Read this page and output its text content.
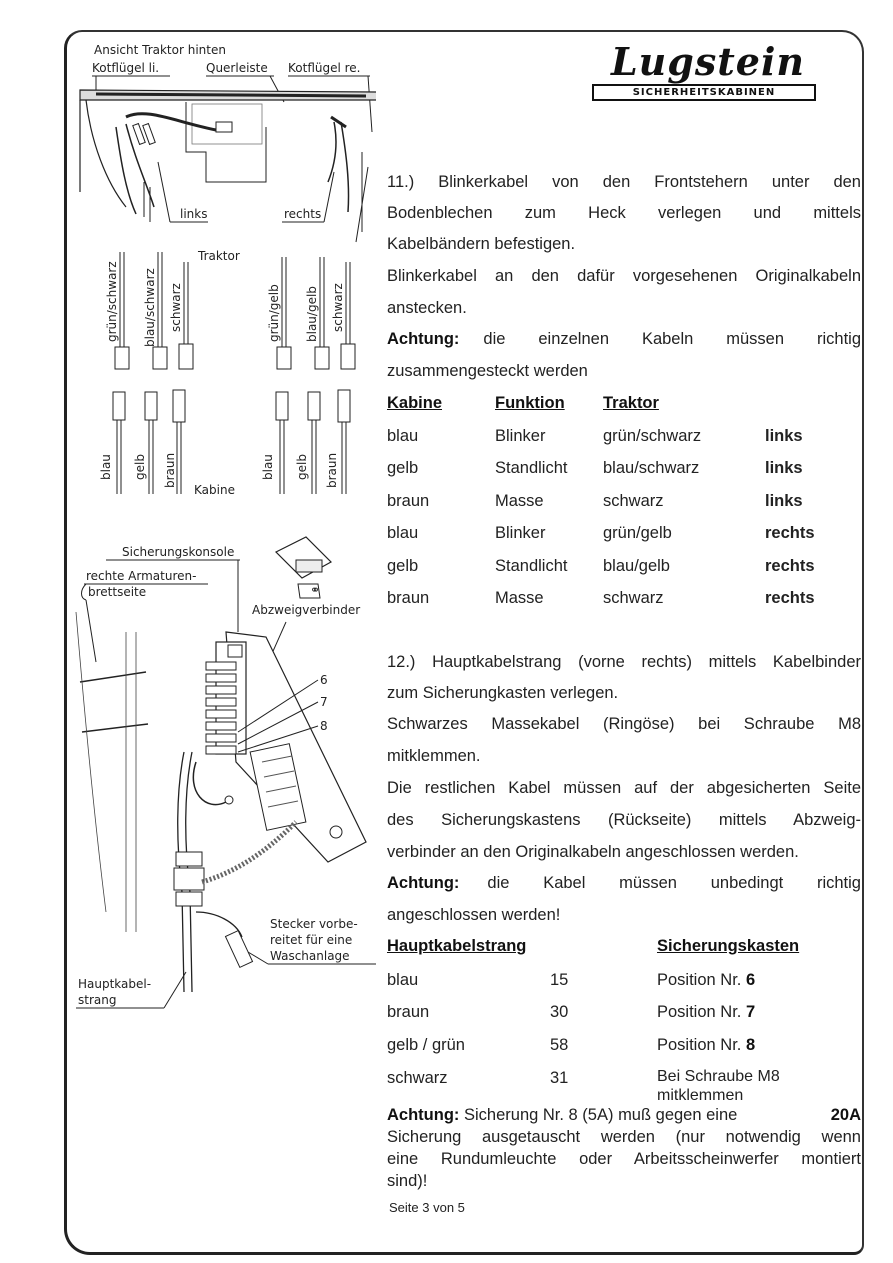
Ansicht Traktor hinten
Kotflügel li.	Querleiste Kotflügel re.
links	rechts
Traktor
grün/schwarz blau/schwarz schwarz	grün/gelb blau/gelb schwarz
blau gelb braun	blau gelb braun
Kabine
Sicherungskonsole
rechte Armaturen-
brettseite	⚭
Abzweigverbinder
6
7
8
Stecker vorbe-
reitet für eine
Waschanlage
Hauptkabel-
strang
Lugstein
SICHERHEITSKABINEN
11.) Blinkerkabel von den Frontstehern unter den
Bodenblechen zum Heck verlegen und mittels
Kabelbändern befestigen.
Blinkerkabel an den dafür vorgesehenen Originalkabeln
anstecken.
Achtung: die einzelnen Kabeln müssen richtig
zusammengesteckt werden
Kabine	Funktion Traktor
blau	Blinker	grün/schwarz	links
gelb	Standlicht blau/schwarz	links
braun	Masse	schwarz	links
blau	Blinker	grün/gelb	rechts
gelb	Standlicht blau/gelb	rechts
braun	Masse	schwarz	rechts
12.) Hauptkabelstrang (vorne rechts) mittels Kabelbinder
zum Sicherungkasten verlegen.
Schwarzes Massekabel (Ringöse) bei Schraube M8
mitklemmen.
Die restlichen Kabel müssen auf der abgesicherten Seite
des Sicherungskastens (Rückseite) mittels Abzweig-
verbinder an den Originalkabeln angeschlossen werden.
Achtung: die Kabel müssen unbedingt richtig
angeschlossen werden!
Hauptkabelstrang	Sicherungskasten
blau	15	Position Nr. 6
braun	30	Position Nr. 7
gelb / grün	58	Position Nr. 8
schwarz	31	Bei Schraube M8
mitklemmen
Achtung: Sicherung Nr. 8 (5A) muß gegen eine	20A
Sicherung ausgetauscht werden (nur notwendig wenn
eine Rundumleuchte oder Arbeitsscheinwerfer montiert
sind)!
Seite 3 von 5
